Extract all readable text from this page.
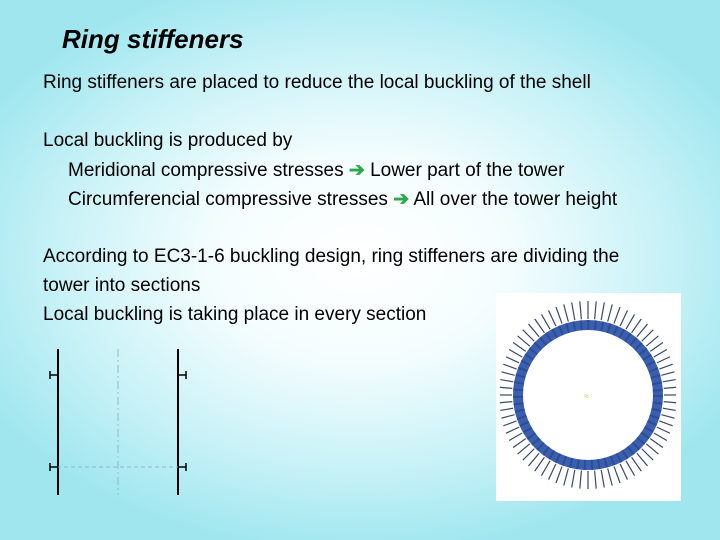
Ring stiffeners
Ring stiffeners are placed to reduce the local buckling of the shell
Local buckling is produced by
Meridional compressive stresses ➔ Lower part of the tower
Circumferencial compressive stresses ➔ All over the tower height
According to EC3-1-6 buckling design, ring stiffeners are dividing the
tower into sections
Local buckling is taking place in every section
≈
